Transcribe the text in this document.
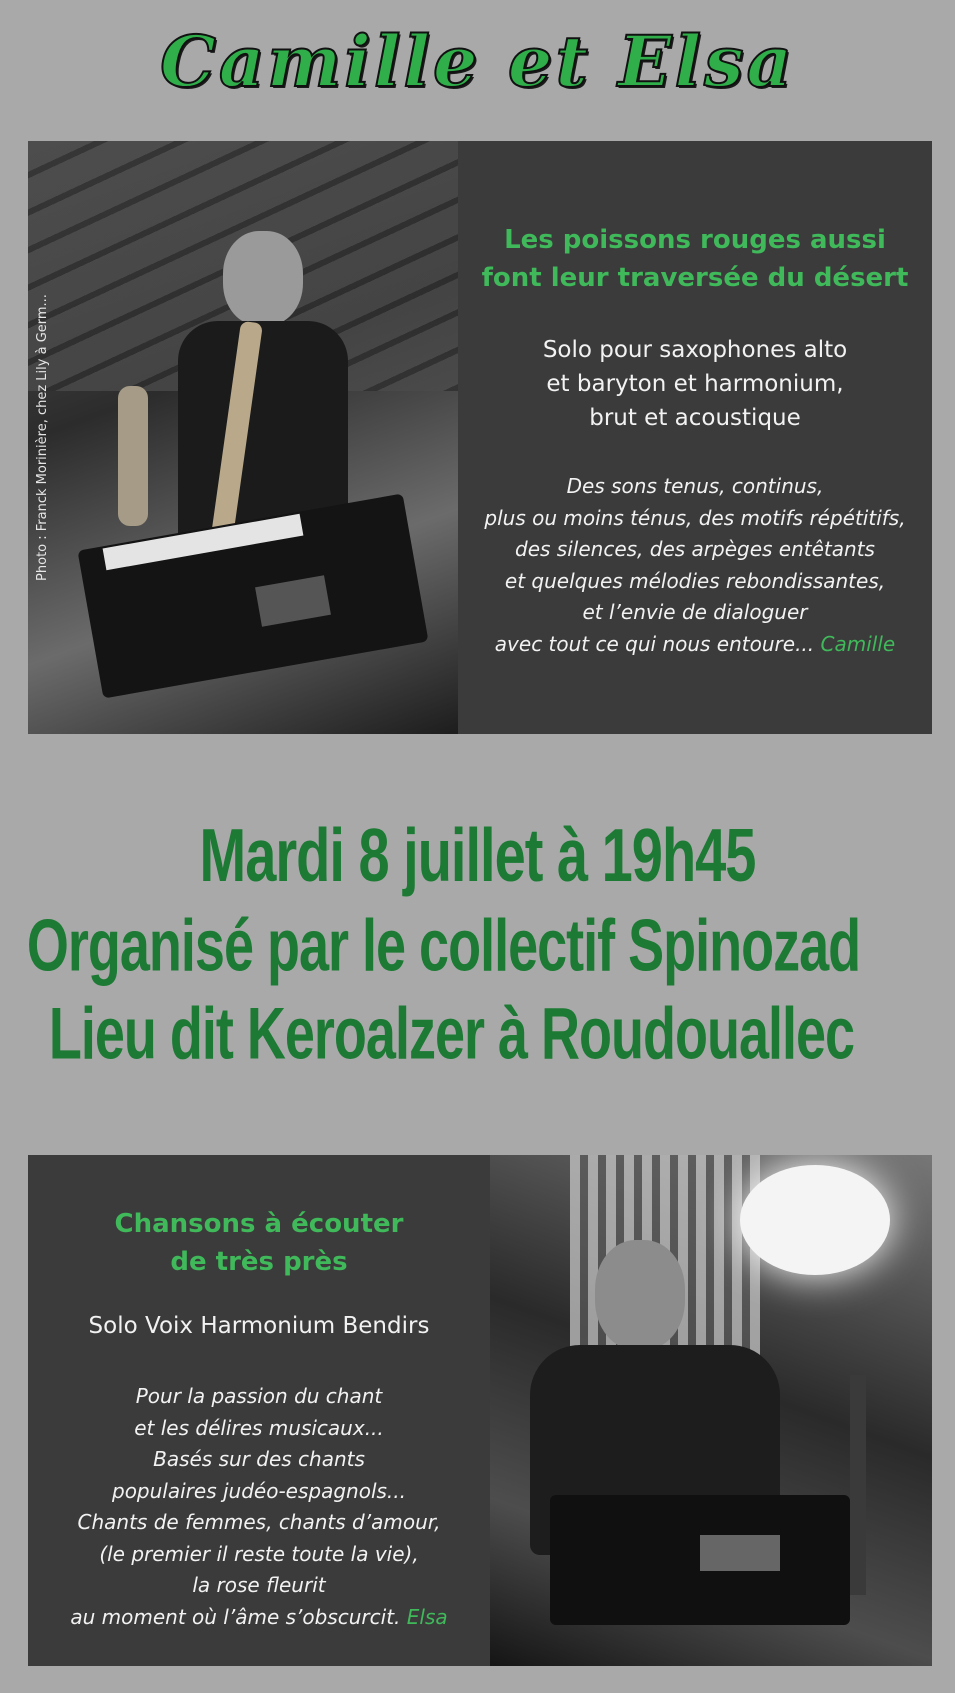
Camille et Elsa
Photo : Franck Morinière, chez Lily à Germ...

Les poissons rouges aussi
font leur traversée du désert

Solo pour saxophones alto
et baryton et harmonium,
brut et acoustique

Des sons tenus, continus,
plus ou moins ténus, des motifs répétitifs,
des silences, des arpèges entêtants
et quelques mélodies rebondissantes,
et l’envie de dialoguer
avec tout ce qui nous entoure... Camille

Mardi 8 juillet à 19h45
Organisé par le collectif Spinozad
Lieu dit Keroalzer à Roudouallec

Chansons à écouter
de très près

Solo Voix Harmonium Bendirs

Pour la passion du chant
et les délires musicaux...
Basés sur des chants
populaires judéo-espagnols...
Chants de femmes, chants d’amour,
(le premier il reste toute la vie),
la rose fleurit
au moment où l’âme s’obscurcit. Elsa
